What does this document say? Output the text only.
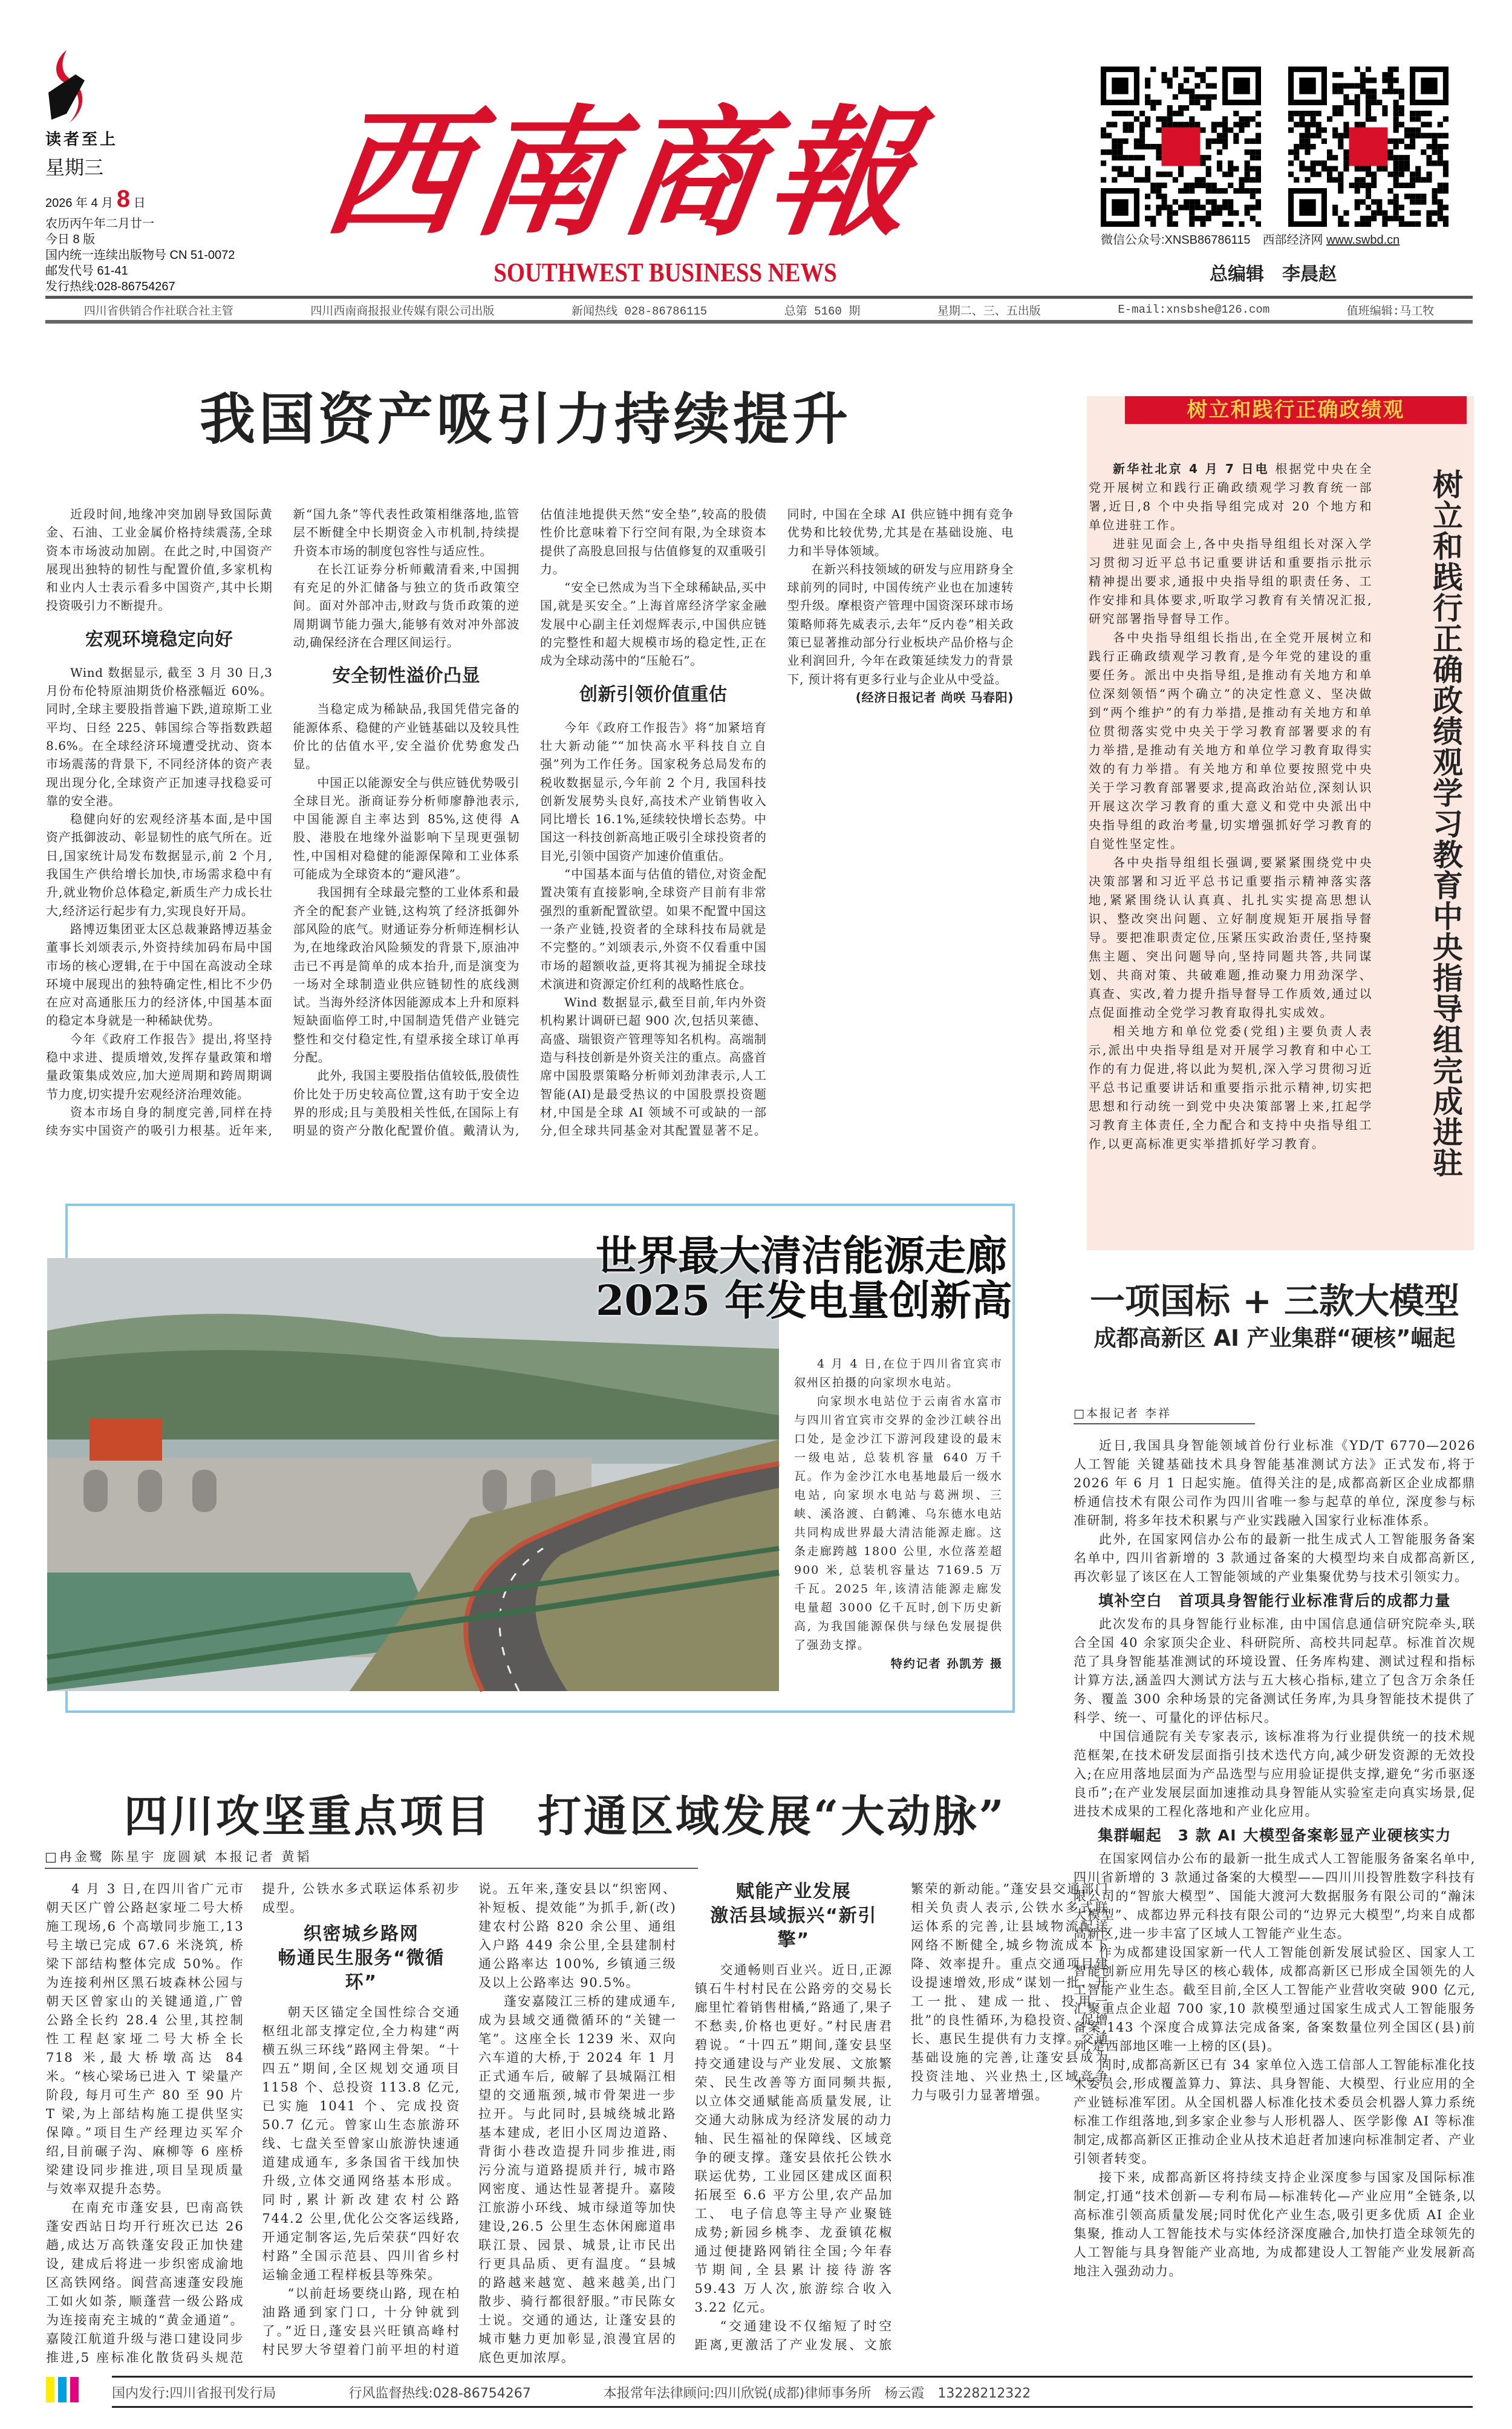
读者至上
星期三
2026 年 4 月 8 日
农历丙午年二月廿一
今日 8 版
国内统一连续出版物号 CN 51-0072
邮发代号 61-41
发行热线:028-86754267
西南商報
SOUTHWEST BUSINESS NEWS
微信公众号:XNSB86786115　 西部经济网 www.swbd.cn
总编辑　李晨赵
四川省供销合作社联合社主管	四川西南商报报业传媒有限公司出版	新闻热线 028-86786115	总第 5160 期	星期二、三、五出版	E-mail:xnsbshe@126.com	值班编辑:马工牧
我国资产吸引力持续提升

近段时间,地缘冲突加剧导致国际黄金、石油、工业金属价格持续震荡,全球资本市场波动加剧。在此之时,中国资产展现出独特的韧性与配置价值,多家机构和业内人士表示看多中国资产,其中长期投资吸引力不断提升。

宏观环境稳定向好

Wind 数据显示, 截至 3 月 30 日,3 月份布伦特原油期货价格涨幅近 60%。同时,全球主要股指普遍下跌,道琼斯工业平均、日经 225、韩国综合等指数跌超 8.6%。在全球经济环境遭受扰动、资本市场震荡的背景下, 不同经济体的资产表现出现分化,全球资产正加速寻找稳妥可靠的安全港。

稳健向好的宏观经济基本面,是中国资产抵御波动、彰显韧性的底气所在。近日,国家统计局发布数据显示,前 2 个月,我国生产供给增长加快,市场需求稳中有升,就业物价总体稳定,新质生产力成长壮大,经济运行起步有力,实现良好开局。

路博迈集团亚太区总裁兼路博迈基金董事长刘颂表示,外资持续加码布局中国市场的核心逻辑,在于中国在高波动全球环境中展现出的独特确定性,相比不少仍在应对高通胀压力的经济体,中国基本面的稳定本身就是一种稀缺优势。

今年《政府工作报告》提出,将坚持稳中求进、提质增效,发挥存量政策和增量政策集成效应,加大逆周期和跨周期调节力度,切实提升宏观经济治理效能。

资本市场自身的制度完善,同样在持续夯实中国资产的吸引力根基。近年来,新“国九条”等代表性政策相继落地,监管层不断健全中长期资金入市机制,持续提升资本市场的制度包容性与适应性。

在长江证券分析师戴清看来,中国拥有充足的外汇储备与独立的货币政策空间。面对外部冲击,财政与货币政策的逆周期调节能力强大,能够有效对冲外部波动,确保经济在合理区间运行。

安全韧性溢价凸显

当稳定成为稀缺品,我国凭借完备的能源体系、稳健的产业链基础以及较具性价比的估值水平,安全溢价优势愈发凸显。

中国正以能源安全与供应链优势吸引全球目光。浙商证券分析师廖静池表示, 中国能源自主率达到 85%,这使得 A 股、港股在地缘外溢影响下呈现更强韧性,中国相对稳健的能源保障和工业体系可能成为全球资本的“避风港”。

我国拥有全球最完整的工业体系和最齐全的配套产业链,这构筑了经济抵御外部风险的底气。财通证券分析师连桐杉认为,在地缘政治风险频发的背景下,原油冲击已不再是简单的成本抬升,而是演变为一场对全球制造业供应链韧性的底线测试。当海外经济体因能源成本上升和原料短缺面临停工时,中国制造凭借产业链完整性和交付稳定性,有望承接全球订单再分配。

此外, 我国主要股指估值较低,股债性价比处于历史较高位置,这有助于安全边界的形成;且与美股相关性低,在国际上有明显的资产分散化配置价值。戴清认为,估值洼地提供天然“安全垫”,较高的股债性价比意味着下行空间有限,为全球资本提供了高股息回报与估值修复的双重吸引力。

“安全已然成为当下全球稀缺品,买中国,就是买安全。”上海首席经济学家金融发展中心副主任刘煜辉表示,中国供应链的完整性和超大规模市场的稳定性,正在成为全球动荡中的“压舱石”。

创新引领价值重估

今年《政府工作报告》将“加紧培育壮大新动能”“加快高水平科技自立自强”列为工作任务。国家税务总局发布的税收数据显示,今年前 2 个月, 我国科技创新发展势头良好,高技术产业销售收入同比增长 16.1%,延续较快增长态势。中国这一科技创新高地正吸引全球投资者的目光,引领中国资产加速价值重估。

“中国基本面与估值的错位,对资金配置决策有直接影响,全球资产目前有非常强烈的重新配置欲望。如果不配置中国这一条产业链,投资者的全球科技布局就是不完整的。”刘颂表示,外资不仅看重中国市场的超额收益,更将其视为捕捉全球技术演进和资源定价红利的战略性底仓。

Wind 数据显示,截至目前,年内外资机构累计调研已超 900 次,包括贝莱德、高盛、瑞银资产管理等知名机构。高端制造与科技创新是外资关注的重点。高盛首席中国股票策略分析师刘劲津表示,人工智能(AI)是最受热议的中国股票投资题材,中国是全球 AI 领域不可或缺的一部分,但全球共同基金对其配置显著不足。同时, 中国在全球 AI 供应链中拥有竞争优势和比较优势,尤其是在基础设施、电力和半导体领域。

在新兴科技领域的研发与应用跻身全球前列的同时, 中国传统产业也在加速转型升级。摩根资产管理中国资深环球市场策略师蒋先威表示,去年“反内卷”相关政策已显著推动部分行业板块产品价格与企业利润回升, 今年在政策延续发力的背景下, 预计将有更多行业与企业从中受益。

(经济日报记者 尚咲 马春阳)

树立和践行正确政绩观
树立和践行正确政绩观学习教育中央指导组完成进驻

新华社北京 4 月 7 日电 根据党中央在全党开展树立和践行正确政绩观学习教育统一部署,近日,8 个中央指导组完成对 20 个地方和单位进驻工作。

进驻见面会上,各中央指导组组长对深入学习贯彻习近平总书记重要讲话和重要指示批示精神提出要求,通报中央指导组的职责任务、工作安排和具体要求,听取学习教育有关情况汇报,研究部署指导督导工作。

各中央指导组组长指出,在全党开展树立和践行正确政绩观学习教育,是今年党的建设的重要任务。派出中央指导组,是推动有关地方和单位深刻领悟“两个确立”的决定性意义、坚决做到“两个维护”的有力举措,是推动有关地方和单位贯彻落实党中央关于学习教育部署要求的有力举措,是推动有关地方和单位学习教育取得实效的有力举措。有关地方和单位要按照党中央关于学习教育部署要求,提高政治站位,深刻认识开展这次学习教育的重大意义和党中央派出中央指导组的政治考量,切实增强抓好学习教育的自觉性坚定性。

各中央指导组组长强调,要紧紧围绕党中央决策部署和习近平总书记重要指示精神落实落地,紧紧围绕认认真真、扎扎实实提高思想认识、整改突出问题、立好制度规矩开展指导督导。要把准职责定位,压紧压实政治责任,坚持聚焦主题、突出问题导向,坚持同题共答,共同谋划、共商对策、共破难题,推动聚力用劲深学、真查、实改,着力提升指导督导工作质效,通过以点促面推动全党学习教育取得扎实成效。

相关地方和单位党委(党组)主要负责人表示,派出中央指导组是对开展学习教育和中心工作的有力促进,将以此为契机,深入学习贯彻习近平总书记重要讲话和重要指示批示精神,切实把思想和行动统一到党中央决策部署上来,扛起学习教育主体责任,全力配合和支持中央指导组工作,以更高标准更实举措抓好学习教育。

世界最大清洁能源走廊
2025 年发电量创新高

4 月 4 日,在位于四川省宜宾市叙州区拍摄的向家坝水电站。

向家坝水电站位于云南省水富市与四川省宜宾市交界的金沙江峡谷出口处, 是金沙江下游河段建设的最末一级电站, 总装机容量 640 万千瓦。作为金沙江水电基地最后一级水电站, 向家坝水电站与葛洲坝、三峡、溪洛渡、白鹤滩、乌东德水电站共同构成世界最大清洁能源走廊。这条走廊跨越 1800 公里, 水位落差超 900 米, 总装机容量达 7169.5 万千瓦。2025 年,该清洁能源走廊发电量超 3000 亿千瓦时,创下历史新高, 为我国能源保供与绿色发展提供了强劲支撑。

特约记者 孙凯芳 摄

四川攻坚重点项目　打通区域发展“大动脉”
□冉金鹭 陈星宇 庞圆斌 本报记者 黄韬

4 月 3 日,在四川省广元市朝天区广曾公路赵家垭二号大桥施工现场,6 个高墩同步施工,13 号主墩已完成 67.6 米浇筑, 桥梁下部结构整体完成 50%。作为连接利州区黑石坡森林公园与朝天区曾家山的关键通道,广曾公路全长约 28.4 公里,其控制性工程赵家垭二号大桥全长 718 米,最大桥墩高达 84 米。“核心梁场已进入 T 梁量产阶段, 每月可生产 80 至 90 片 T 梁,为上部结构施工提供坚实保障。”项目生产经理边买军介绍,目前碾子沟、麻柳等 6 座桥梁建设同步推进,项目呈现质量与效率双提升态势。

在南充市蓬安县, 巴南高铁蓬安西站日均开行班次已达 26 趟,成达万高铁蓬安段正加快建设, 建成后将进一步织密成渝地区高铁网络。阆营高速蓬安段施工如火如荼, 顺蓬营一级公路成为连接南充主城的“黄金通道”。嘉陵江航道升级与港口建设同步推进,5 座标准化散货码头规范提升, 公铁水多式联运体系初步成型。

织密城乡路网
畅通民生服务“微循环”

朝天区锚定全国性综合交通枢纽北部支撑定位,全力构建“两横五纵三环线”路网主骨架。“十四五”期间,全区规划交通项目 1158 个、总投资 113.8 亿元,已实施 1041 个、完成投资 50.7 亿元。曾家山生态旅游环线、七盘关至曾家山旅游快速通道建成通车, 多条国省干线加快升级,立体交通网络基本形成。同时,累计新改建农村公路 744.2 公里,优化公交客运线路,开通定制客运,先后荣获“四好农村路”全国示范县、四川省乡村运输金通工程样板县等殊荣。

“以前赶场要绕山路, 现在柏油路通到家门口, 十分钟就到了。”近日,蓬安县兴旺镇高峰村村民罗大爷望着门前平坦的村道说。五年来,蓬安县以“织密网、补短板、提效能”为抓手,新(改)建农村公路 820 余公里、通组入户路 449 余公里,全县建制村通公路率达 100%, 乡镇通三级及以上公路率达 90.5%。

蓬安嘉陵江三桥的建成通车,成为县域交通微循环的“关键一笔”。这座全长 1239 米、双向六车道的大桥,于 2024 年 1 月正式通车后, 破解了县城隔江相望的交通瓶颈,城市骨架进一步拉开。与此同时,县城绕城北路基本建成, 老旧小区周边道路、背街小巷改造提升同步推进,雨污分流与道路提质并行, 城市路网密度、通达性显著提升。嘉陵江旅游小环线、城市绿道等加快建设,26.5 公里生态休闲廊道串联江景、园景、城景,让市民出行更具品质、更有温度。“县城的路越来越宽、越来越美,出门散步、骑行都很舒服。”市民陈女士说。交通的通达, 让蓬安县的城市魅力更加彰显,浪漫宜居的底色更加浓厚。

赋能产业发展
激活县域振兴“新引擎”

交通畅则百业兴。近日,正源镇石牛村村民在公路旁的交易长廊里忙着销售柑橘,“路通了,果子不愁卖,价格也更好。”村民唐君碧说。“十四五”期间,蓬安县坚持交通建设与产业发展、文旅繁荣、民生改善等方面同频共振,以立体交通赋能高质量发展, 让交通大动脉成为经济发展的动力轴、民生福祉的保障线、区域竞争的硬支撑。蓬安县依托公铁水联运优势, 工业园区建成区面积拓展至 6.6 平方公里,农产品加工、 电子信息等主导产业聚链成势;新园乡桃李、龙蚕镇花椒通过便捷路网销往全国;今年春节期间,全县累计接待游客 59.43 万人次,旅游综合收入 3.22 亿元。

“交通建设不仅缩短了时空距离,更激活了产业发展、文旅繁荣的新动能。”蓬安县交通部门相关负责人表示,公铁水多式联运体系的完善,让县域物流配送网络不断健全,城乡物流成本下降、效率提升。重点交通项目建设提速增效,形成“谋划一批、开工一批、建成一批、投用一批”的良性循环,为稳投资、促增长、惠民生提供有力支撑。交通基础设施的完善,让蓬安县成为投资洼地、兴业热土,区域竞争力与吸引力显著增强。

一项国标 + 三款大模型
成都高新区 AI 产业集群“硬核”崛起
□本报记者 李祥

近日,我国具身智能领域首份行业标准《YD/T 6770—2026 人工智能 关键基础技术具身智能基准测试方法》正式发布,将于 2026 年 6 月 1 日起实施。值得关注的是,成都高新区企业成都鼎桥通信技术有限公司作为四川省唯一参与起草的单位, 深度参与标准研制, 将多年技术积累与产业实践融入国家行业标准体系。

此外, 在国家网信办公布的最新一批生成式人工智能服务备案名单中, 四川省新增的 3 款通过备案的大模型均来自成都高新区, 再次彰显了该区在人工智能领域的产业集聚优势与技术引领实力。

填补空白　首项具身智能行业标准背后的成都力量

此次发布的具身智能行业标准, 由中国信息通信研究院牵头,联合全国 40 余家顶尖企业、科研院所、高校共同起草。标准首次规范了具身智能基准测试的环境设置、任务库构建、测试过程和指标计算方法,涵盖四大测试方法与五大核心指标,建立了包含万余条任务、覆盖 300 余种场景的完备测试任务库,为具身智能技术提供了科学、统一、可量化的评估标尺。

中国信通院有关专家表示, 该标准将为行业提供统一的技术规范框架,在技术研发层面指引技术迭代方向,减少研发资源的无效投入;在应用落地层面为产品选型与应用验证提供支撑,避免“劣币驱逐良币”;在产业发展层面加速推动具身智能从实验室走向真实场景,促进技术成果的工程化落地和产业化应用。

集群崛起　3 款 AI 大模型备案彰显产业硬核实力

在国家网信办公布的最新一批生成式人工智能服务备案名单中, 四川省新增的 3 款通过备案的大模型——四川川投智胜数字科技有限公司的“智旅大模型”、国能大渡河大数据服务有限公司的“瀚沫大模型”、成都边界元科技有限公司的“边界元大模型”,均来自成都高新区,进一步丰富了区域人工智能产业生态。

作为成都建设国家新一代人工智能创新发展试验区、国家人工智能创新应用先导区的核心载体, 成都高新区已形成全国领先的人工智能产业生态。截至目前,全区人工智能产业营收突破 900 亿元,汇聚重点企业超 700 家,10 款模型通过国家生成式人工智能服务备案,143 个深度合成算法完成备案, 备案数量位列全国区(县)前列,是西部地区唯一上榜的区(县)。

同时,成都高新区已有 34 家单位入选工信部人工智能标准化技术委员会,形成覆盖算力、算法、具身智能、大模型、行业应用的全产业链标准军团。从全国机器人标准化技术委员会机器人算力系统标准工作组落地,到多家企业参与人形机器人、医学影像 AI 等标准制定,成都高新区正推动企业从技术追赶者加速向标准制定者、产业引领者转变。

接下来, 成都高新区将持续支持企业深度参与国家及国际标准制定,打通“技术创新—专利布局—标准转化—产业应用”全链条,以高标准引领高质量发展;同时优化产业生态,吸引更多优质 AI 企业集聚, 推动人工智能技术与实体经济深度融合,加快打造全球领先的人工智能与具身智能产业高地, 为成都建设人工智能产业发展新高地注入强劲动力。

国内发行:四川省报刊发行局	行风监督热线:028-86754267	本报常年法律顾问:四川欣锐(成都)律师事务所　杨云霞　13228212322
